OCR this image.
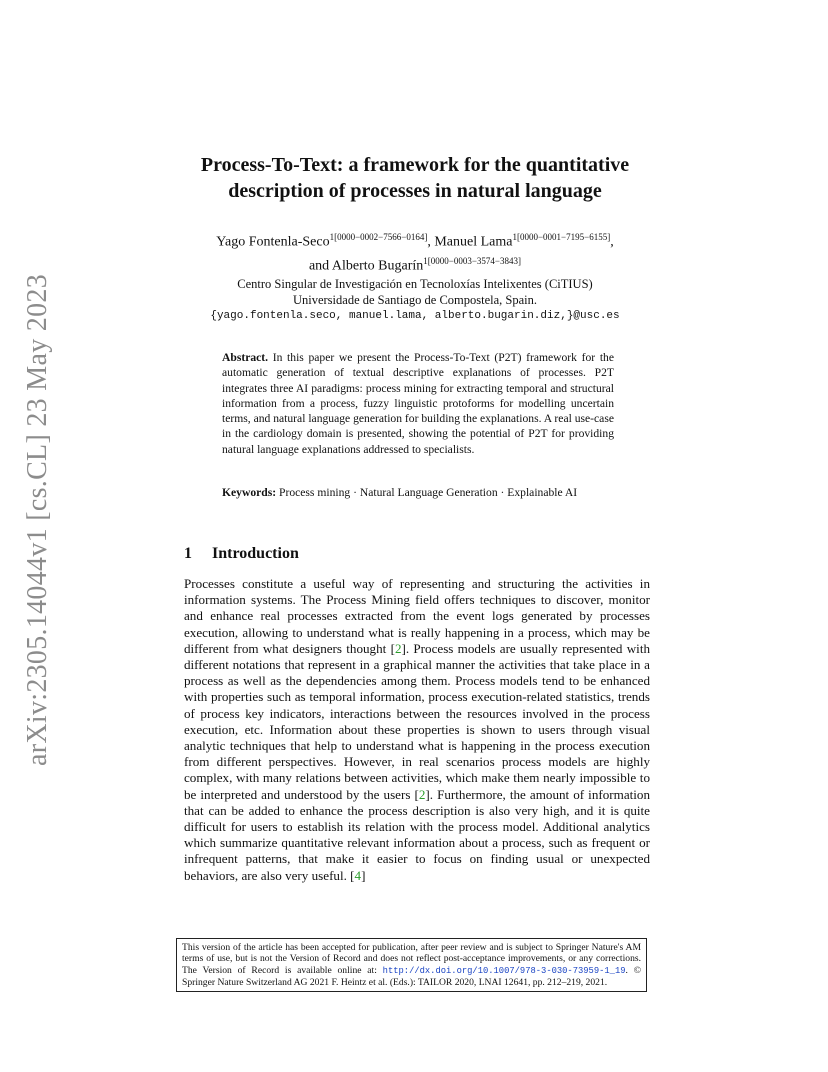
arXiv:2305.14044v1 [cs.CL] 23 May 2023
Process-To-Text: a framework for the quantitative
description of processes in natural language
Yago Fontenla-Seco$^{1[0000-0002-7566-0164]}$, Manuel Lama$^{1[0000-0001-7195-6155]}$,
and Alberto Bugarín$^{1[0000-0003-3574-3843]}$
Centro Singular de Investigación en Tecnoloxías Intelixentes (CiTIUS)
Universidade de Santiago de Compostela, Spain.
{yago.fontenla.seco, manuel.lama, alberto.bugarin.diz,}@usc.es
Abstract. In this paper we present the Process-To-Text (P2T) framework for the automatic generation of textual descriptive explanations of processes. P2T integrates three AI paradigms: process mining for extracting temporal and structural information from a process, fuzzy linguistic protoforms for modelling uncertain terms, and natural language generation for building the explanations. A real use-case in the cardiology domain is presented, showing the potential of P2T for providing natural language explanations addressed to specialists.
Keywords: Process mining · Natural Language Generation · Explainable AI
1 Introduction
Processes constitute a useful way of representing and structuring the activities in information systems. The Process Mining field offers techniques to discover, monitor and enhance real processes extracted from the event logs generated by processes execution, allowing to understand what is really happening in a process, which may be different from what designers thought [2]. Process models are usually represented with different notations that represent in a graphical manner the activities that take place in a process as well as the dependencies among them. Process models tend to be enhanced with properties such as temporal information, process execution-related statistics, trends of process key indicators, interactions between the resources involved in the process execution, etc. Information about these properties is shown to users through visual analytic techniques that help to understand what is happening in the process execution from different perspectives. However, in real scenarios process models are highly complex, with many relations between activities, which make them nearly impossible to be interpreted and understood by the users [2]. Furthermore, the amount of information that can be added to enhance the process description is also very high, and it is quite difficult for users to establish its relation with the process model. Additional analytics which summarize quantitative relevant information about a process, such as frequent or infrequent patterns, that make it easier to focus on finding usual or unexpected behaviors, are also very useful. [4]
This version of the article has been accepted for publication, after peer review and is subject to Springer Nature's AM terms of use, but is not the Version of Record and does not reflect post-acceptance improvements, or any corrections. The Version of Record is available online at: http://dx.doi.org/10.1007/978-3-030-73959-1_19. © Springer Nature Switzerland AG 2021 F. Heintz et al. (Eds.): TAILOR 2020, LNAI 12641, pp. 212–219, 2021.
